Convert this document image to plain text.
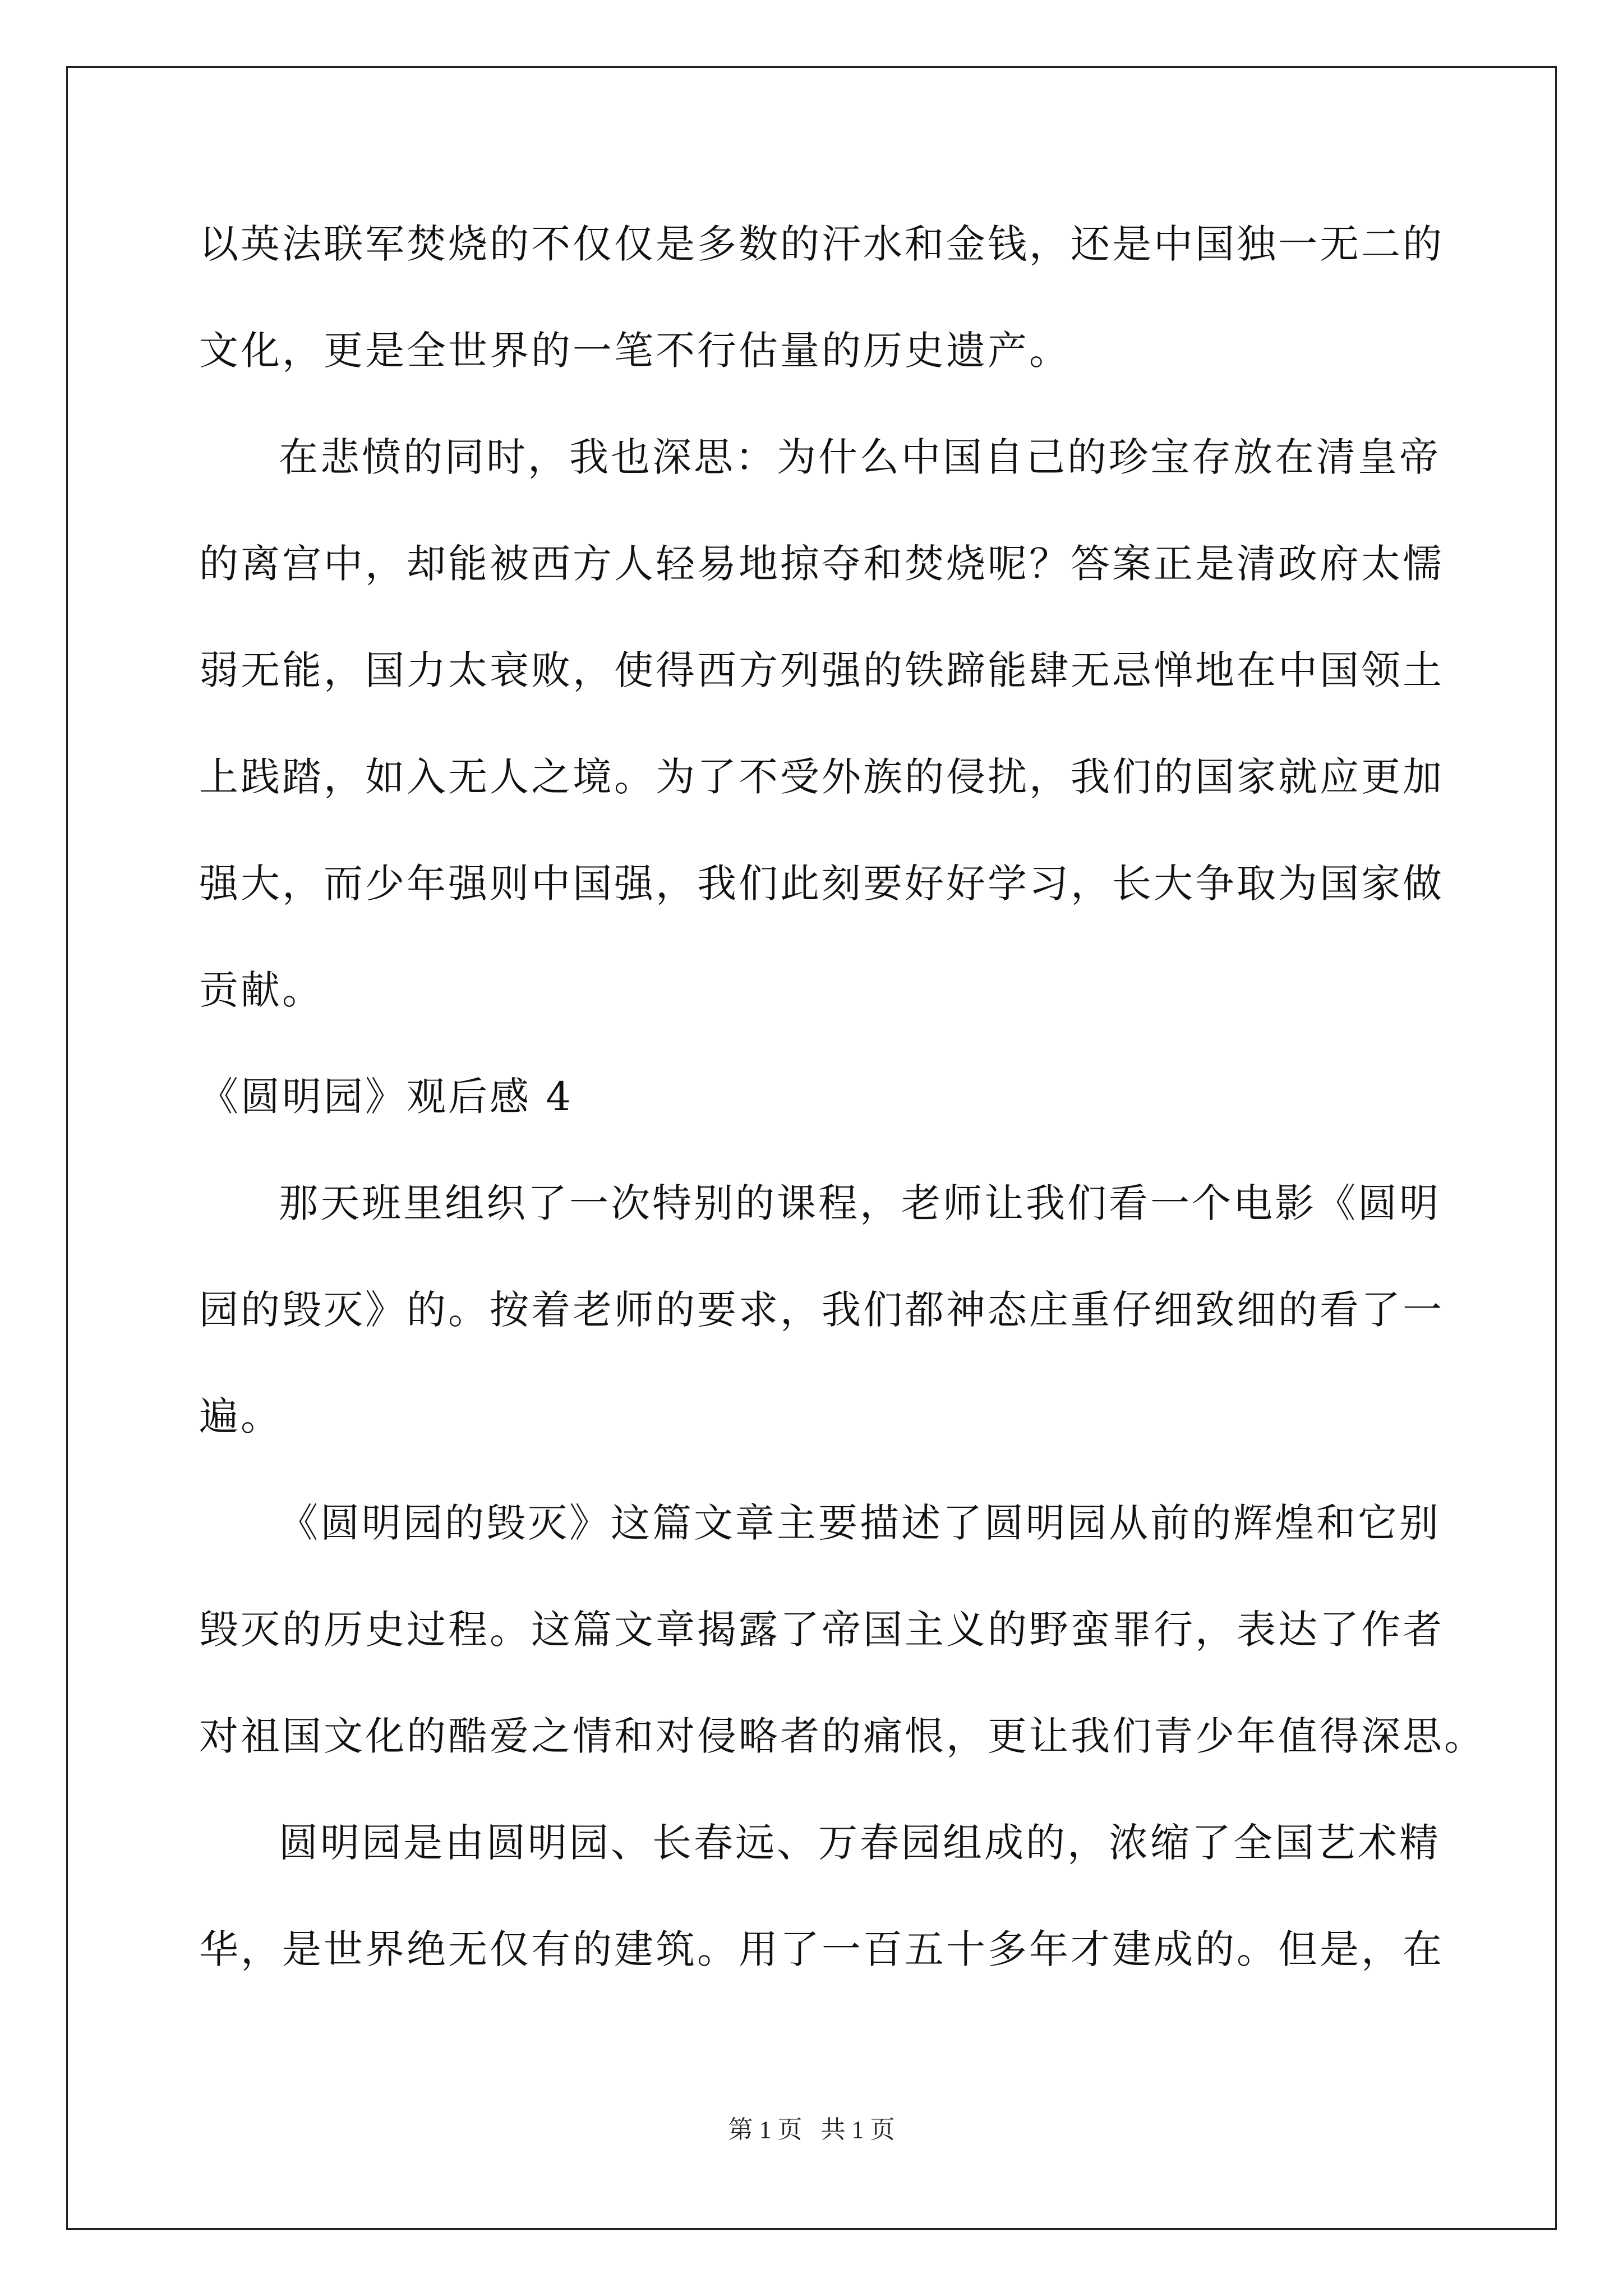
以英法联军焚烧的不仅仅是多数的汗水和金钱，还是中国独一无二的
文化，更是全世界的一笔不行估量的历史遗产。
在悲愤的同时，我也深思：为什么中国自己的珍宝存放在清皇帝
的离宫中，却能被西方人轻易地掠夺和焚烧呢？答案正是清政府太懦
弱无能，国力太衰败，使得西方列强的铁蹄能肆无忌惮地在中国领土
上践踏，如入无人之境。为了不受外族的侵扰，我们的国家就应更加
强大，而少年强则中国强，我们此刻要好好学习，长大争取为国家做
贡献。
《圆明园》观后感 4
那天班里组织了一次特别的课程，老师让我们看一个电影《圆明
园的毁灭》的。按着老师的要求，我们都神态庄重仔细致细的看了一
遍。
《圆明园的毁灭》这篇文章主要描述了圆明园从前的辉煌和它别
毁灭的历史过程。这篇文章揭露了帝国主义的野蛮罪行，表达了作者
对祖国文化的酷爱之情和对侵略者的痛恨，更让我们青少年值得深思。
圆明园是由圆明园、长春远、万春园组成的，浓缩了全国艺术精
华，是世界绝无仅有的建筑。用了一百五十多年才建成的。但是，在
第 1 页   共 1 页
